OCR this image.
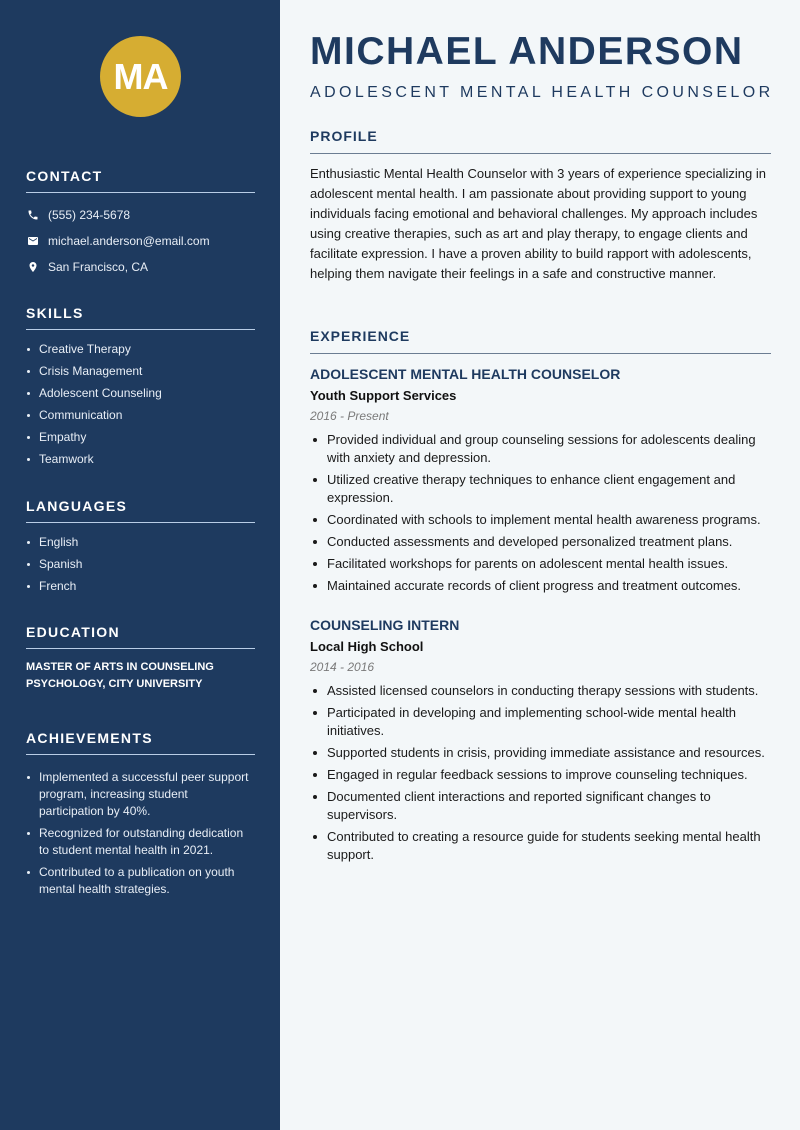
MA
CONTACT
(555) 234-5678
michael.anderson@email.com
San Francisco, CA
SKILLS
Creative Therapy
Crisis Management
Adolescent Counseling
Communication
Empathy
Teamwork
LANGUAGES
English
Spanish
French
EDUCATION

MASTER OF ARTS IN COUNSELING PSYCHOLOGY, CITY UNIVERSITY

ACHIEVEMENTS
Implemented a successful peer support program, increasing student participation by 40%.
Recognized for outstanding dedication to student mental health in 2021.
Contributed to a publication on youth mental health strategies.
MICHAEL ANDERSON
ADOLESCENT MENTAL HEALTH COUNSELOR
PROFILE

Enthusiastic Mental Health Counselor with 3 years of experience specializing in adolescent mental health. I am passionate about providing support to young individuals facing emotional and behavioral challenges. My approach includes using creative therapies, such as art and play therapy, to engage clients and facilitate expression. I have a proven ability to build rapport with adolescents, helping them navigate their feelings in a safe and constructive manner.

EXPERIENCE
ADOLESCENT MENTAL HEALTH COUNSELOR
Youth Support Services
2016 - Present
Provided individual and group counseling sessions for adolescents dealing with anxiety and depression.
Utilized creative therapy techniques to enhance client engagement and expression.
Coordinated with schools to implement mental health awareness programs.
Conducted assessments and developed personalized treatment plans.
Facilitated workshops for parents on adolescent mental health issues.
Maintained accurate records of client progress and treatment outcomes.
COUNSELING INTERN
Local High School
2014 - 2016
Assisted licensed counselors in conducting therapy sessions with students.
Participated in developing and implementing school-wide mental health initiatives.
Supported students in crisis, providing immediate assistance and resources.
Engaged in regular feedback sessions to improve counseling techniques.
Documented client interactions and reported significant changes to supervisors.
Contributed to creating a resource guide for students seeking mental health support.
